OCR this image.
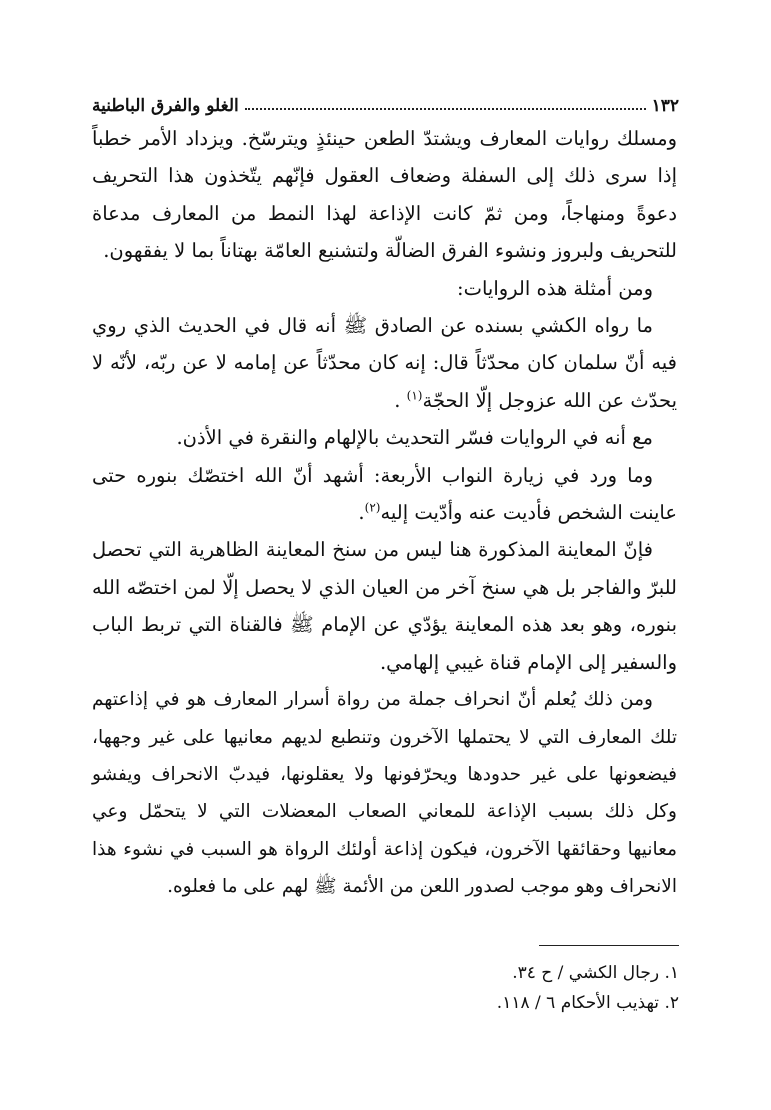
١٣٢
الغلو والفرق الباطنية

ومسلك روايات المعارف ويشتدّ الطعن حينئذٍ ويترسّخ. ويزداد الأمر خطباً إذا سرى ذلك إلى السفلة وضعاف العقول فإنّهم يتّخذون هذا التحريف دعوةً ومنهاجاً، ومن ثمّ كانت الإذاعة لهذا النمط من المعارف مدعاة للتحريف ولبروز ونشوء الفرق الضالّة ولتشنيع العامّة بهتاناً بما لا يفقهون.

ومن أمثلة هذه الروايات:

ما رواه الكشي بسنده عن الصادق ﷺ أنه قال في الحديث الذي روي فيه أنّ سلمان كان محدّثاً قال: إنه كان محدّثاً عن إمامه لا عن ربّه، لأنّه لا يحدّث عن الله عزوجل إلّا الحجّة$^{(١)}$ .

مع أنه في الروايات فسّر التحديث بالإلهام والنقرة في الأذن.

وما ورد في زيارة النواب الأربعة: أشهد أنّ الله اختصّك بنوره حتى عاينت الشخص فأديت عنه وأدّيت إليه$^{(٢)}$.

فإنّ المعاينة المذكورة هنا ليس من سنخ المعاينة الظاهرية التي تحصل للبرّ والفاجر بل هي سنخ آخر من العيان الذي لا يحصل إلّا لمن اختصّه الله بنوره، وهو بعد هذه المعاينة يؤدّي عن الإمام ﷺ فالقناة التي تربط الباب والسفير إلى الإمام قناة غيبي إلهامي.

ومن ذلك يُعلم أنّ انحراف جملة من رواة أسرار المعارف هو في إذاعتهم تلك المعارف التي لا يحتملها الآخرون وتنطبع لديهم معانيها على غير وجهها، فيضعونها على غير حدودها ويحرّفونها ولا يعقلونها، فيدبّ الانحراف ويفشو وكل ذلك بسبب الإذاعة للمعاني الصعاب المعضلات التي لا يتحمّل وعي معانيها وحقائقها الآخرون، فيكون إذاعة أولئك الرواة هو السبب في نشوء هذا الانحراف وهو موجب لصدور اللعن من الأئمة ﷺ لهم على ما فعلوه.

١. رجال الكشي / ح ٣٤.

٢. تهذيب الأحكام ٦ / ١١٨.
